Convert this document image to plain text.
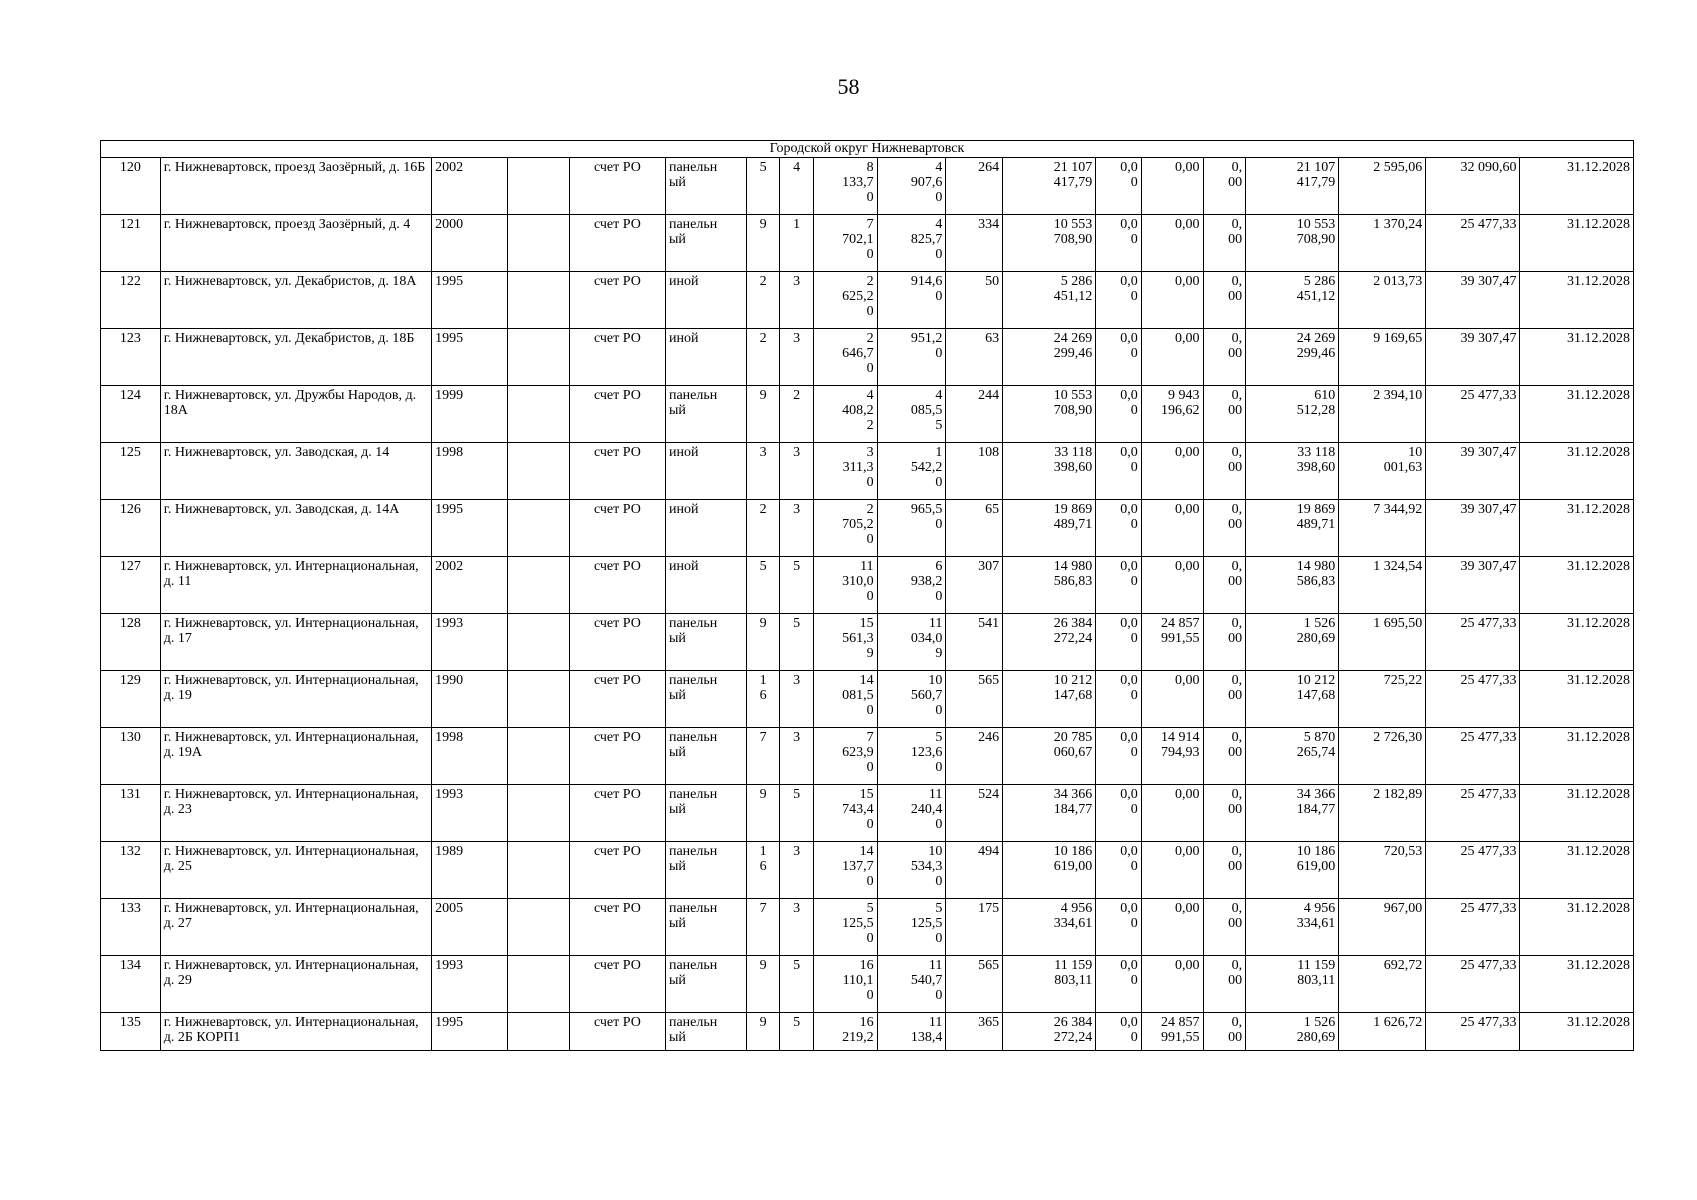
58
Городской округ Нижневартовск																		

120	г. Нижневартовск, проезд Заозёрный, д. 16Б	2002		счет РО	панельн
ый	5	4	8
133,7
0	4
907,6
0	264	21 107
417,79	0,0
0	0,00	0,
00	21 107
417,79	2 595,06	32 090,60	31.12.2028

121	г. Нижневартовск, проезд Заозёрный, д. 4	2000		счет РО	панельн
ый	9	1	7
702,1
0	4
825,7
0	334	10 553
708,90	0,0
0	0,00	0,
00	10 553
708,90	1 370,24	25 477,33	31.12.2028

122	г. Нижневартовск, ул. Декабристов, д. 18А	1995		счет РО	иной	2	3	2
625,2
0	914,6
0	50	5 286
451,12	0,0
0	0,00	0,
00	5 286
451,12	2 013,73	39 307,47	31.12.2028

123	г. Нижневартовск, ул. Декабристов, д. 18Б	1995		счет РО	иной	2	3	2
646,7
0	951,2
0	63	24 269
299,46	0,0
0	0,00	0,
00	24 269
299,46	9 169,65	39 307,47	31.12.2028

124	г. Нижневартовск, ул. Дружбы Народов, д. 18А	1999		счет РО	панельн
ый	9	2	4
408,2
2	4
085,5
5	244	10 553
708,90	0,0
0	9 943
196,62	0,
00	610
512,28	2 394,10	25 477,33	31.12.2028

125	г. Нижневартовск, ул. Заводская, д. 14	1998		счет РО	иной	3	3	3
311,3
0	1
542,2
0	108	33 118
398,60	0,0
0	0,00	0,
00	33 118
398,60	10
001,63	39 307,47	31.12.2028

126	г. Нижневартовск, ул. Заводская, д. 14А	1995		счет РО	иной	2	3	2
705,2
0	965,5
0	65	19 869
489,71	0,0
0	0,00	0,
00	19 869
489,71	7 344,92	39 307,47	31.12.2028

127	г. Нижневартовск, ул. Интернациональная, д. 11	2002		счет РО	иной	5	5	11
310,0
0	6
938,2
0	307	14 980
586,83	0,0
0	0,00	0,
00	14 980
586,83	1 324,54	39 307,47	31.12.2028

128	г. Нижневартовск, ул. Интернациональная, д. 17	1993		счет РО	панельн
ый	9	5	15
561,3
9	11
034,0
9	541	26 384
272,24	0,0
0	24 857
991,55	0,
00	1 526
280,69	1 695,50	25 477,33	31.12.2028

129	г. Нижневартовск, ул. Интернациональная, д. 19	1990		счет РО	панельн
ый	1
6	3	14
081,5
0	10
560,7
0	565	10 212
147,68	0,0
0	0,00	0,
00	10 212
147,68	725,22	25 477,33	31.12.2028

130	г. Нижневартовск, ул. Интернациональная, д. 19А	1998		счет РО	панельн
ый	7	3	7
623,9
0	5
123,6
0	246	20 785
060,67	0,0
0	14 914
794,93	0,
00	5 870
265,74	2 726,30	25 477,33	31.12.2028

131	г. Нижневартовск, ул. Интернациональная, д. 23	1993		счет РО	панельн
ый	9	5	15
743,4
0	11
240,4
0	524	34 366
184,77	0,0
0	0,00	0,
00	34 366
184,77	2 182,89	25 477,33	31.12.2028

132	г. Нижневартовск, ул. Интернациональная, д. 25	1989		счет РО	панельн
ый	1
6	3	14
137,7
0	10
534,3
0	494	10 186
619,00	0,0
0	0,00	0,
00	10 186
619,00	720,53	25 477,33	31.12.2028

133	г. Нижневартовск, ул. Интернациональная, д. 27	2005		счет РО	панельн
ый	7	3	5
125,5
0	5
125,5
0	175	4 956
334,61	0,0
0	0,00	0,
00	4 956
334,61	967,00	25 477,33	31.12.2028

134	г. Нижневартовск, ул. Интернациональная, д. 29	1993		счет РО	панельн
ый	9	5	16
110,1
0	11
540,7
0	565	11 159
803,11	0,0
0	0,00	0,
00	11 159
803,11	692,72	25 477,33	31.12.2028

135	г. Нижневартовск, ул. Интернациональная, д. 2Б КОРП1	1995		счет РО	панельн
ый	9	5	16
219,2	11
138,4	365	26 384
272,24	0,0
0	24 857
991,55	0,
00	1 526
280,69	1 626,72	25 477,33	31.12.2028
